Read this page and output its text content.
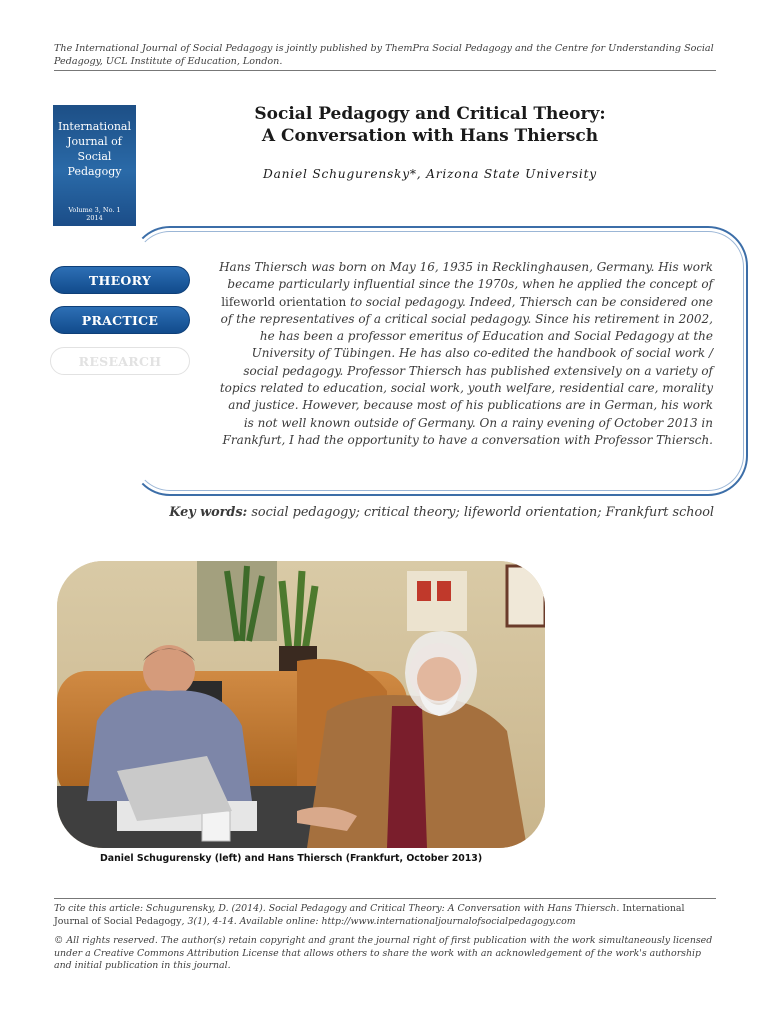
The International Journal of Social Pedagogy is jointly published by ThemPra Social Pedagogy and the Centre for Understanding Social Pedagogy, UCL Institute of Education, London.
International
Journal of
Social
Pedagogy
Volume 3, No. 1
2014
Social Pedagogy and Critical Theory:
A Conversation with Hans Thiersch
Daniel Schugurensky*, Arizona State University
THEORY
PRACTICE
RESEARCH
Hans Thiersch was born on May 16, 1935 in Recklinghausen, Germany. His work became particularly influential since the 1970s, when he applied the concept of lifeworld orientation to social pedagogy. Indeed, Thiersch can be considered one of the representatives of a critical social pedagogy. Since his retirement in 2002, he has been a professor emeritus of Education and Social Pedagogy at the University of Tübingen. He has also co-edited the handbook of social work / social pedagogy. Professor Thiersch has published extensively on a variety of topics related to education, social work, youth welfare, residential care, morality and justice. However, because most of his publications are in German, his work is not well known outside of Germany. On a rainy evening of October 2013 in Frankfurt, I had the opportunity to have a conversation with Professor Thiersch.
Key words: social pedagogy; critical theory; lifeworld orientation; Frankfurt school
Daniel Schugurensky (left) and Hans Thiersch (Frankfurt, October 2013)
To cite this article: Schugurensky, D. (2014). Social Pedagogy and Critical Theory: A Conversation with Hans Thiersch. International Journal of Social Pedagogy, 3(1), 4-14. Available online: http://www.internationaljournalofsocialpedagogy.com
© All rights reserved. The author(s) retain copyright and grant the journal right of first publication with the work simultaneously licensed under a Creative Commons Attribution License that allows others to share the work with an acknowledgement of the work's authorship and initial publication in this journal.
